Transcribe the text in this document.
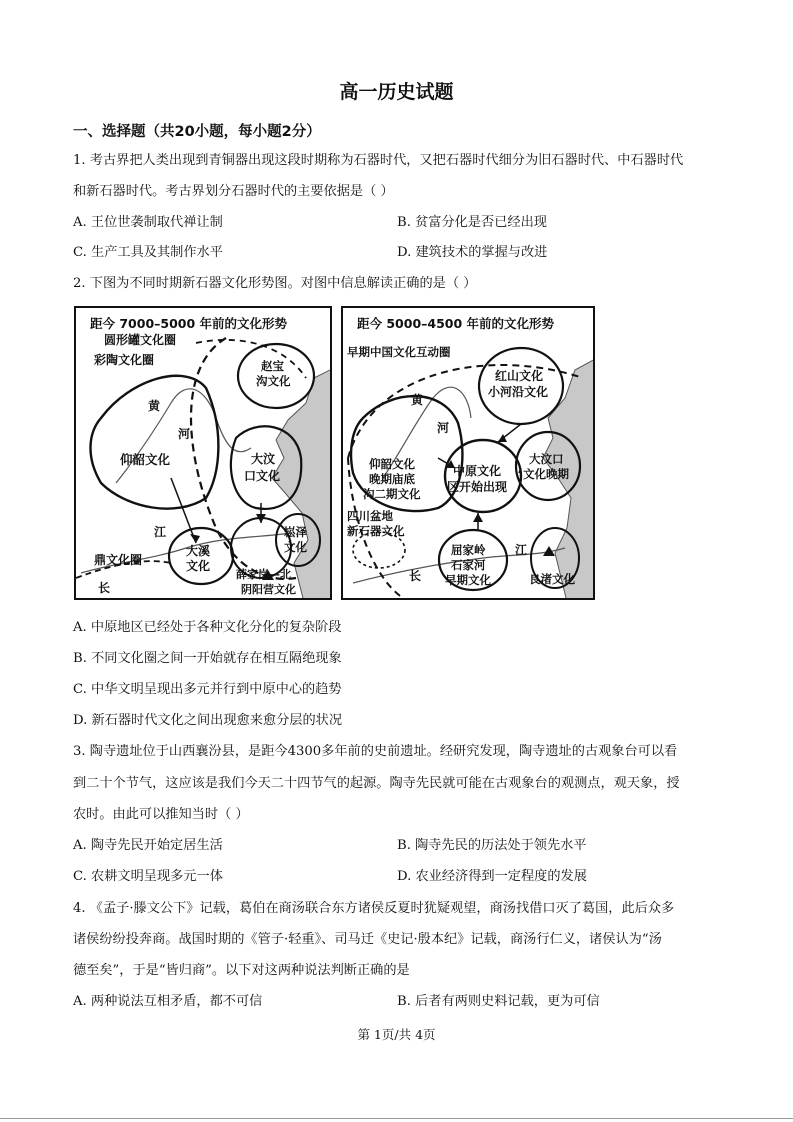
高一历史试题
一、选择题（共20小题，每小题2分）
1. 考古界把人类出现到青铜器出现这段时期称为石器时代，又把石器时代细分为旧石器时代、中石器时代
和新石器时代。考古界划分石器时代的主要依据是（ ）
A. 王位世袭制取代禅让制	B. 贫富分化是否已经出现
C. 生产工具及其制作水平	D. 建筑技术的掌握与改进
2. 下图为不同时期新石器文化形势图。对图中信息解读正确的是（ ）
距今 7000–5000 年前的文化形势
圆形罐文化圈
彩陶文化圈	赵宝
沟文化
黄
河
仰韶文化	大汶
口文化
江
鼎文化圈
长
大溪
文化
崧泽
文化
薛家岗—北
阴阳营文化
距今 5000–4500 年前的文化形势
早期中国文化互动圈
红山文化
小河沿文化
黄
河
仰韶文化
晚期庙底
沟二期文化
中原文化
区开始出现
大汶口
文化晚期
四川盆地
新石器文化
屈家岭
石家河
早期文化
江
长	良渚文化
A. 中原地区已经处于各种文化分化的复杂阶段
B. 不同文化圈之间一开始就存在相互隔绝现象
C. 中华文明呈现出多元并行到中原中心的趋势
D. 新石器时代文化之间出现愈来愈分层的状况
3. 陶寺遗址位于山西襄汾县，是距今4300多年前的史前遗址。经研究发现，陶寺遗址的古观象台可以看
到二十个节气，这应该是我们今天二十四节气的起源。陶寺先民就可能在古观象台的观测点，观天象，授
农时。由此可以推知当时（ ）
A. 陶寺先民开始定居生活	B. 陶寺先民的历法处于领先水平
C. 农耕文明呈现多元一体	D. 农业经济得到一定程度的发展
4. 《孟子·滕文公下》记载，葛伯在商汤联合东方诸侯反夏时犹疑观望，商汤找借口灭了葛国，此后众多
诸侯纷纷投奔商。战国时期的《管子·轻重》、司马迁《史记·殷本纪》记载，商汤行仁义，诸侯认为“汤
德至矣”，于是“皆归商”。以下对这两种说法判断正确的是
A. 两种说法互相矛盾，都不可信	B. 后者有两则史料记载，更为可信
第 1页/共 4页
